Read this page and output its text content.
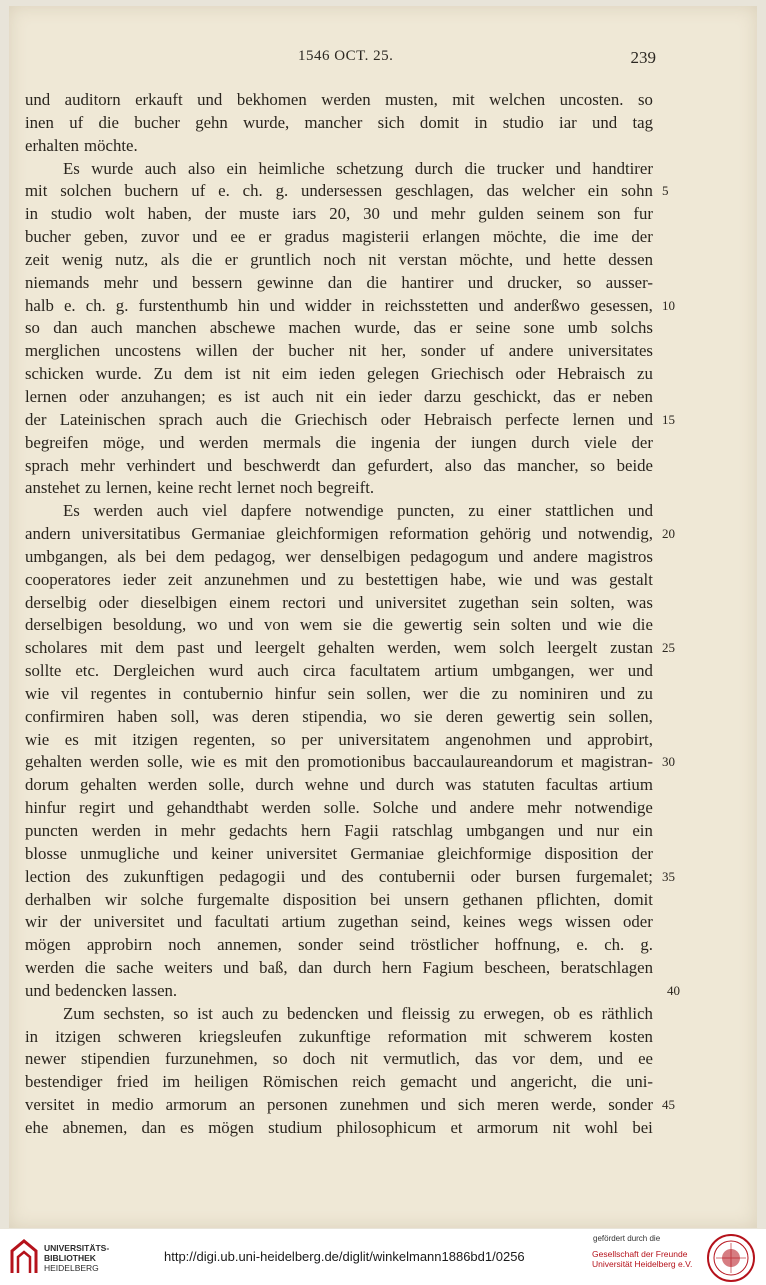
1546 OCT. 25.	239
und auditorn erkauft und bekhomen werden musten, mit welchen uncosten. so
inen uf die bucher gehn wurde, mancher sich domit in studio iar und tag
erhalten möchte.
Es wurde auch also ein heimliche schetzung durch die trucker und handtirer
mit solchen buchern uf e. ch. g. undersessen geschlagen, das welcher ein sohn 5
in studio wolt haben, der muste iars 20, 30 und mehr gulden seinem son fur
bucher geben, zuvor und ee er gradus magisterii erlangen möchte, die ime der
zeit wenig nutz, als die er gruntlich noch nit verstan möchte, und hette dessen
niemands mehr und bessern gewinne dan die hantirer und drucker, so ausser-
halb e. ch. g. furstenthumb hin und widder in reichsstetten und anderßwo gesessen, 10
so dan auch manchen abschewe machen wurde, das er seine sone umb solchs
merglichen uncostens willen der bucher nit her, sonder uf andere universitates
schicken wurde. Zu dem ist nit eim ieden gelegen Griechisch oder Hebraisch zu
lernen oder anzuhangen; es ist auch nit ein ieder darzu geschickt, das er neben
der Lateinischen sprach auch die Griechisch oder Hebraisch perfecte lernen und 15
begreifen möge, und werden mermals die ingenia der iungen durch viele der
sprach mehr verhindert und beschwerdt dan gefurdert, also das mancher, so beide
anstehet zu lernen, keine recht lernet noch begreift.
Es werden auch viel dapfere notwendige puncten, zu einer stattlichen und
andern universitatibus Germaniae gleichformigen reformation gehörig und notwendig, 20
umbgangen, als bei dem pedagog, wer denselbigen pedagogum und andere magistros
cooperatores ieder zeit anzunehmen und zu bestettigen habe, wie und was gestalt
derselbig oder dieselbigen einem rectori und universitet zugethan sein solten, was
derselbigen besoldung, wo und von wem sie die gewertig sein solten und wie die
scholares mit dem past und leergelt gehalten werden, wem solch leergelt zustan 25
sollte etc. Dergleichen wurd auch circa facultatem artium umbgangen, wer und
wie vil regentes in contubernio hinfur sein sollen, wer die zu nominiren und zu
confirmiren haben soll, was deren stipendia, wo sie deren gewertig sein sollen,
wie es mit itzigen regenten, so per universitatem angenohmen und approbirt,
gehalten werden solle, wie es mit den promotionibus baccaulaureandorum et magistran- 30
dorum gehalten werden solle, durch wehne und durch was statuten facultas artium
hinfur regirt und gehandthabt werden solle. Solche und andere mehr notwendige
puncten werden in mehr gedachts hern Fagii ratschlag umbgangen und nur ein
blosse unmugliche und keiner universitet Germaniae gleichformige disposition der
lection des zukunftigen pedagogii und des contubernii oder bursen furgemalet; 35
derhalben wir solche furgemalte disposition bei unsern gethanen pflichten, domit
wir der universitet und facultati artium zugethan seind, keines wegs wissen oder
mögen approbirn noch annemen, sonder seind tröstlicher hoffnung, e. ch. g.
werden die sache weiters und baß, dan durch hern Fagium bescheen, beratschlagen
und bedencken lassen.	40
Zum sechsten, so ist auch zu bedencken und fleissig zu erwegen, ob es räthlich
in itzigen schweren kriegsleufen zukunftige reformation mit schwerem kosten
newer stipendien furzunehmen, so doch nit vermutlich, das vor dem, und ee
bestendiger fried im heiligen Römischen reich gemacht und angericht, die uni-
versitet in medio armorum an personen zunehmen und sich meren werde, sonder 45
ehe abnemen, dan es mögen studium philosophicum et armorum nit wohl bei
UNIVERSITÄTS-
BIBLIOTHEK
HEIDELBERG
http://digi.ub.uni-heidelberg.de/diglit/winkelmann1886bd1/0256
gefördert durch die
Gesellschaft der Freunde
Universität Heidelberg e.V.
